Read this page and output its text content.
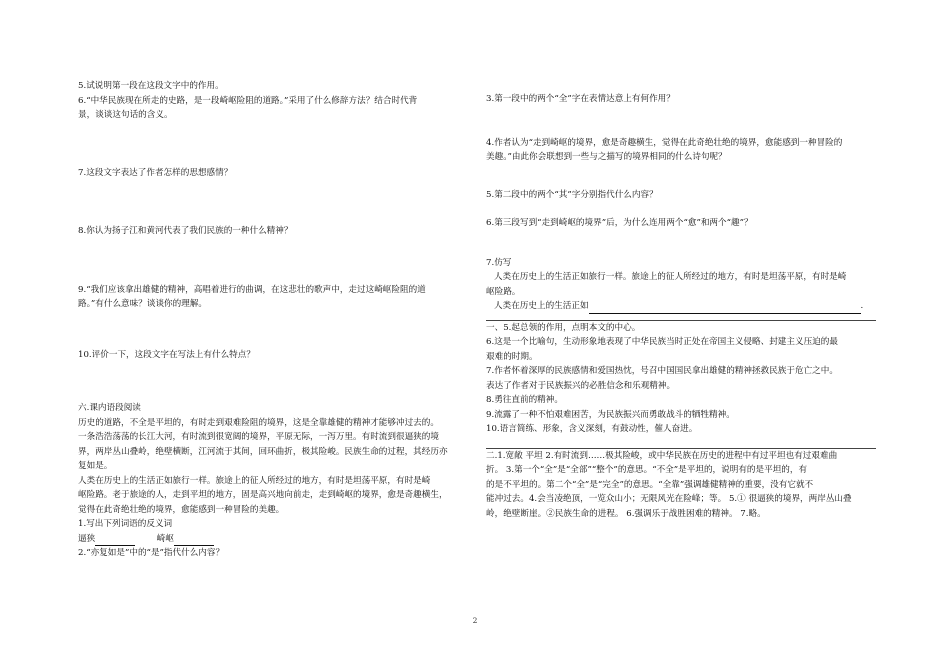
5.试说明第一段在这段文字中的作用。

6.“中华民族现在所走的史路，是一段崎岖险阻的道路。”采用了什么修辞方法？结合时代背

景，谈谈这句话的含义。

7.这段文字表达了作者怎样的思想感情？

8.你认为扬子江和黄河代表了我们民族的一种什么精神？

9.“我们应该拿出雄健的精神，高唱着进行的曲调，在这悲壮的歌声中，走过这崎岖险阻的道

路。”有什么意味？谈谈你的理解。

10.评价一下，这段文字在写法上有什么特点？

六.课内语段阅读

历史的道路，不全是平坦的，有时走到艰难险阻的境界，这是全靠雄健的精神才能够冲过去的。

一条浩浩荡荡的长江大河，有时流到很宽阔的境界，平原无际，一泻万里。有时流到很逼狭的境

界，两岸丛山叠岭，绝壁横断，江河流于其间，回环曲折，极其险峻。民族生命的过程，其经历亦

复如是。

人类在历史上的生活正如旅行一样。旅途上的征人所经过的地方，有时是坦荡平原，有时是崎

岖险路。老于旅途的人，走到平坦的地方，固是高兴地向前走，走到崎岖的境界，愈是奇趣横生，

觉得在此奇绝壮绝的境界，愈能感到一种冒险的美趣。

1.写出下列词语的反义词

逼狭	崎岖

2.“亦复如是”中的“是”指代什么内容？

3.第一段中的两个“全”字在表情达意上有何作用？

4.作者认为“走到崎岖的境界，愈是奇趣横生，觉得在此奇绝壮绝的境界，愈能感到一种冒险的

美趣。”由此你会联想到一些与之描写的境界相同的什么诗句呢？

5.第二段中的两个“其”字分别指代什么内容？

6.第三段写到“走到崎岖的境界”后，为什么连用两个“愈”和两个“趣”？

7.仿写

人类在历史上的生活正如旅行一样。旅途上的征人所经过的地方，有时是坦荡平原，有时是崎

岖险路。

人类在历史上的生活正如	.

一、5.起总领的作用，点明本文的中心。

6.这是一个比喻句，生动形象地表现了中华民族当时正处在帝国主义侵略、封建主义压迫的最

艰难的时期。

7.作者怀着深厚的民族感情和爱国热忱，号召中国国民拿出雄健的精神拯救民族于危亡之中。

表达了作者对于民族振兴的必胜信念和乐观精神。

8.勇往直前的精神。

9.流露了一种不怕艰难困苦，为民族振兴而勇敢战斗的牺牲精神。

10.语言简练、形象，含义深刻，有鼓动性，催人奋进。

二.1.宽敞 平坦 2.有时流到……极其险峻，或中华民族在历史的进程中有过平坦也有过艰难曲

折。 3.第一个“全”是“全部”“整个”的意思。“不全”是平坦的，说明有的是平坦的，有

的是不平坦的。第二个“全”是“完全”的意思。“全靠”强调雄健精神的重要，没有它就不

能冲过去。4.会当凌绝顶，一览众山小；无限风光在险峰；等。 5.① 很逼狭的境界，两岸丛山叠

岭，绝壁断崖。②民族生命的进程。 6.强调乐于战胜困难的精神。 7.略。

2
